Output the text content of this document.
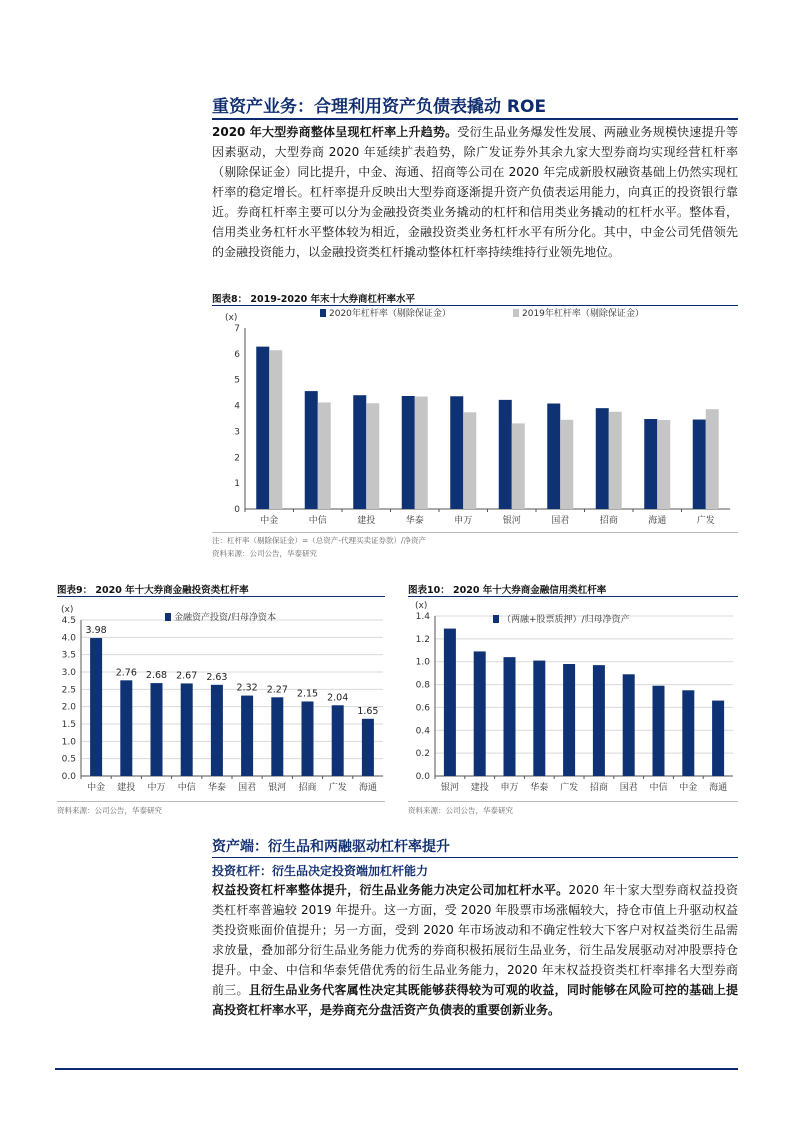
重资产业务：合理利用资产负债表撬动 ROE
2020 年大型券商整体呈现杠杆率上升趋势。受衍生品业务爆发性发展、两融业务规模快速提升等因素驱动，大型券商 2020 年延续扩表趋势，除广发证券外其余九家大型券商均实现经营杠杆率（剔除保证金）同比提升，中金、海通、招商等公司在 2020 年完成新股权融资基础上仍然实现杠杆率的稳定增长。杠杆率提升反映出大型券商逐渐提升资产负债表运用能力，向真正的投资银行靠近。券商杠杆率主要可以分为金融投资类业务撬动的杠杆和信用类业务撬动的杠杆水平。整体看，信用类业务杠杆水平整体较为相近，金融投资类业务杠杆水平有所分化。其中，中金公司凭借领先的金融投资能力，以金融投资类杠杆撬动整体杠杆率持续维持行业领先地位。
图表8： 2019-2020 年末十大券商杠杆率水平
(x)
0
1
2
3
4
5
6
7
中金	中信	建投	华泰	申万	银河	国君	招商	海通	广发
2020年杠杆率（剔除保证金）	2019年杠杆率（剔除保证金）
注：杠杆率（剔除保证金）=（总资产-代理买卖证券款）/净资产
资料来源：公司公告，华泰研究
图表9： 2020 年十大券商金融投资类杠杆率
(x)
0.0
0.5
1.0
1.5
2.0
2.5
3.0
3.5
4.0
4.5
中金
3.98
建投
2.76
中万
2.68
中信
2.67
华泰
2.63
国君
2.32
银河
2.27
招商
2.15
广发
2.04
海通
1.65
金融资产投资/归母净资本
资料来源：公司公告，华泰研究
图表10： 2020 年十大券商金融信用类杠杆率
(x)
0.0
0.2
0.4
0.6
0.8
1.0
1.2
1.4
银河 建投 申万 华泰 广发 招商 国君 中信 中金 海通
（两融+股票质押）/归母净资产
资料来源：公司公告，华泰研究
资产端：衍生品和两融驱动杠杆率提升
投资杠杆：衍生品决定投资端加杠杆能力
权益投资杠杆率整体提升，衍生品业务能力决定公司加杠杆水平。2020 年十家大型券商权益投资类杠杆率普遍较 2019 年提升。这一方面，受 2020 年股票市场涨幅较大，持仓市值上升驱动权益类投资账面价值提升；另一方面，受到 2020 年市场波动和不确定性较大下客户对权益类衍生品需求放量，叠加部分衍生品业务能力优秀的券商积极拓展衍生品业务，衍生品发展驱动对冲股票持仓提升。中金、中信和华泰凭借优秀的衍生品业务能力，2020 年末权益投资类杠杆率排名大型券商前三。且衍生品业务代客属性决定其既能够获得较为可观的收益，同时能够在风险可控的基础上提高投资杠杆率水平，是券商充分盘活资产负债表的重要创新业务。
